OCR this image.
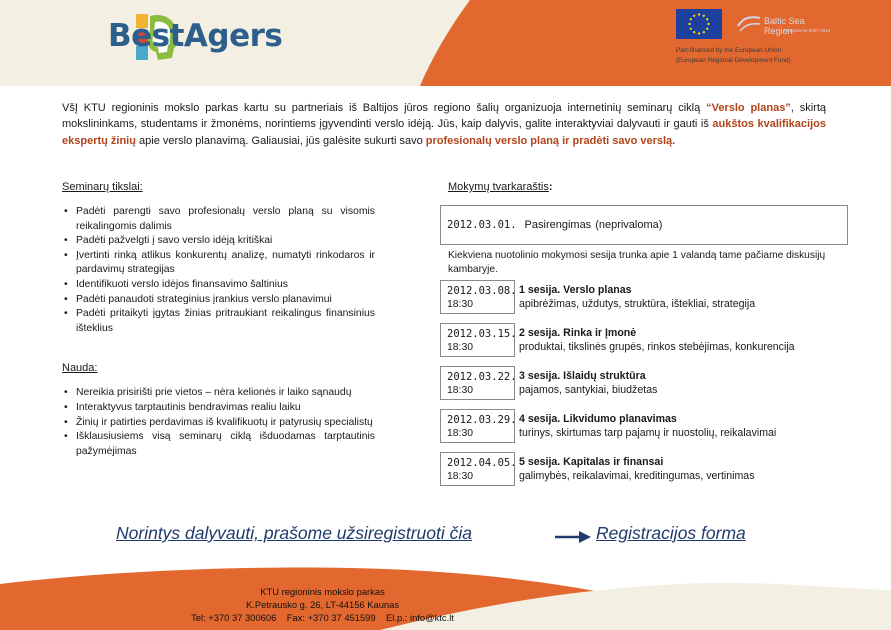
BestAgers	Baltic Sea Region
Programme 2007-2013
Part-financed by the European Union
(European Regional Development Fund)

VšĮ KTU regioninis mokslo parkas kartu su partneriais iš Baltijos jūros regiono šalių organizuoja internetinių seminarų ciklą “Verslo planas”, skirtą mokslininkams, studentams ir žmonėms, norintiems įgyvendinti verslo idėją. Jūs, kaip dalyvis, galite interaktyviai dalyvauti ir gauti iš aukštos kvalifikacijos ekspertų žinių apie verslo planavimą. Galiausiai, jūs galėsite sukurti savo profesionalų verslo planą ir pradėti savo verslą.

Seminarų tikslai:
• Padėti parengti savo profesionalų verslo planą su visomis reikalingomis dalimis
• Padėti pažvelgti į savo verslo idėją kritiškai
• Įvertinti rinką atlikus konkurentų analizę, numatyti rinkodaros ir pardavimų strategijas
• Identifikuoti verslo idėjos finansavimo šaltinius
• Padėti panaudoti strateginius įrankius verslo planavimui
• Padėti pritaikyti įgytas žinias pritraukiant reikalingus finansinius išteklius
Nauda:
• Nereikia prisirišti prie vietos – nėra kelionės ir laiko sąnaudų
• Interaktyvus tarptautinis bendravimas realiu laiku
• Žinių ir patirties perdavimas iš kvalifikuotų ir patyrusių specialistų
• Išklausiusiems visą seminarų ciklą išduodamas tarptautinis pažymėjimas
Mokymų tvarkaraštis:
2012.03.01. Pasirengimas (neprivaloma)
Kiekviena nuotolinio mokymosi sesija trunka apie 1 valandą tame pačiame diskusijų kambaryje.
2012.03.08.
18:30
1 sesija. Verslo planas
apibrėžimas, uždutys, struktūra, ištekliai, strategija
2012.03.15.
18:30
2 sesija. Rinka ir Įmonė
produktai, tikslinės grupės, rinkos stebėjimas, konkurencija
2012.03.22.
18:30
3 sesija. Išlaidų struktūra
pajamos, santykiai, biudžetas
2012.03.29.
18:30
4 sesija. Likvidumo planavimas
turinys, skirtumas tarp pajamų ir nuostolių, reikalavimai
2012.04.05.
18:30
5 sesija. Kapitalas ir finansai
galimybės, reikalavimai, kreditingumas, vertinimas
Norintys dalyvauti, prašome užsiregistruoti čia	Registracijos forma
KTU regioninis mokslo parkas
K.Petrausko g. 26, LT-44156 Kaunas
Tel: +370 37 300606    Fax: +370 37 451599    El.p.: info@ktc.lt
